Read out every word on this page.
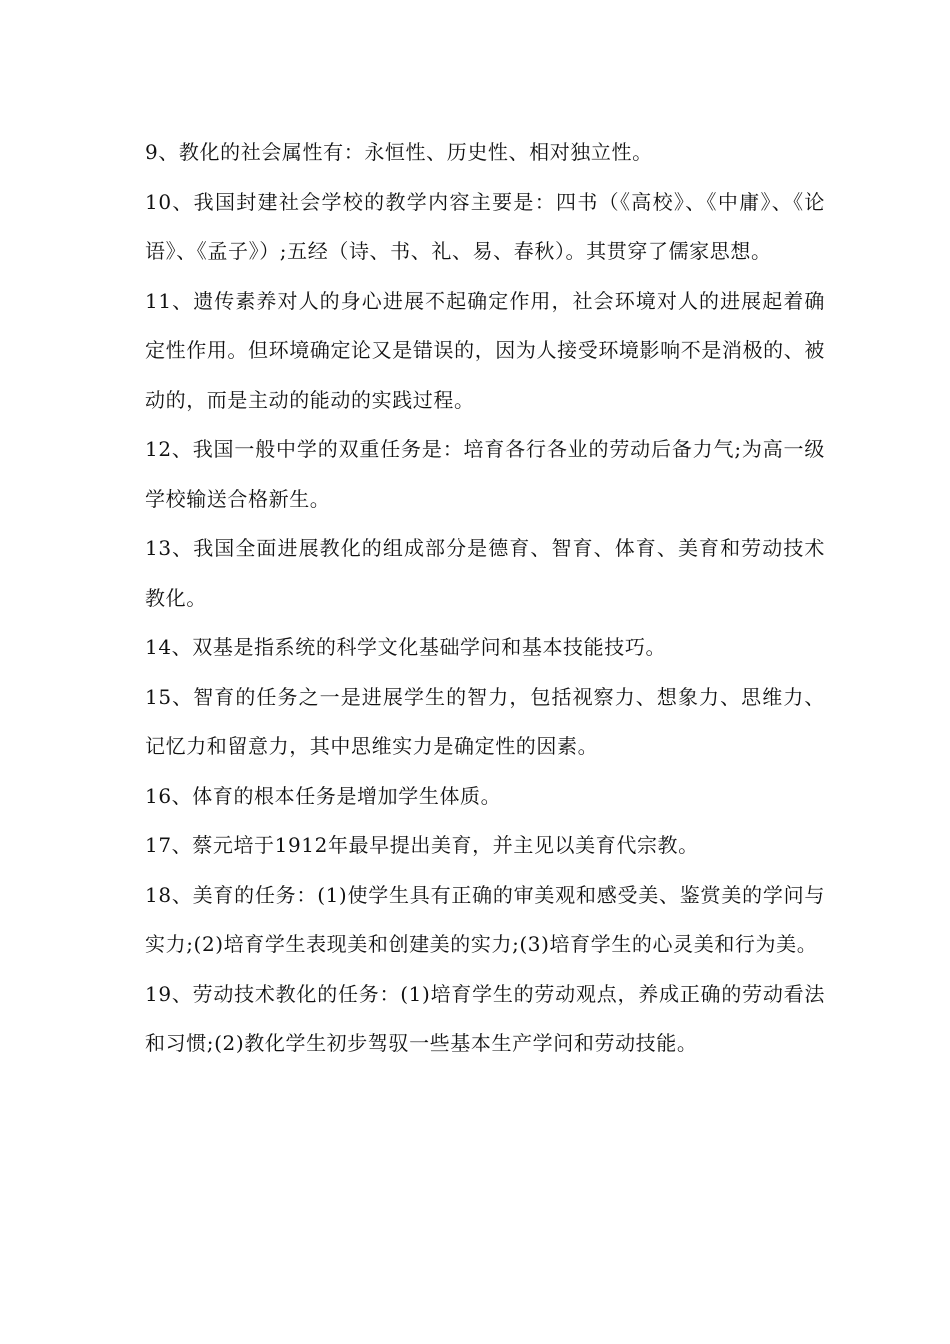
9、教化的社会属性有：永恒性、历史性、相对独立性。

10、我国封建社会学校的教学内容主要是：四书（《高校》、《中庸》、《论语》、《孟子》）;五经（诗、书、礼、易、春秋）。其贯穿了儒家思想。

11、遗传素养对人的身心进展不起确定作用，社会环境对人的进展起着确定性作用。但环境确定论又是错误的，因为人接受环境影响不是消极的、被动的，而是主动的能动的实践过程。

12、我国一般中学的双重任务是：培育各行各业的劳动后备力气;为高一级学校输送合格新生。

13、我国全面进展教化的组成部分是德育、智育、体育、美育和劳动技术教化。

14、双基是指系统的科学文化基础学问和基本技能技巧。

15、智育的任务之一是进展学生的智力，包括视察力、想象力、思维力、记忆力和留意力，其中思维实力是确定性的因素。

16、体育的根本任务是增加学生体质。

17、蔡元培于1912年最早提出美育，并主见以美育代宗教。

18、美育的任务：(1)使学生具有正确的审美观和感受美、鉴赏美的学问与实力;(2)培育学生表现美和创建美的实力;(3)培育学生的心灵美和行为美。

19、劳动技术教化的任务：(1)培育学生的劳动观点，养成正确的劳动看法和习惯;(2)教化学生初步驾驭一些基本生产学问和劳动技能。
